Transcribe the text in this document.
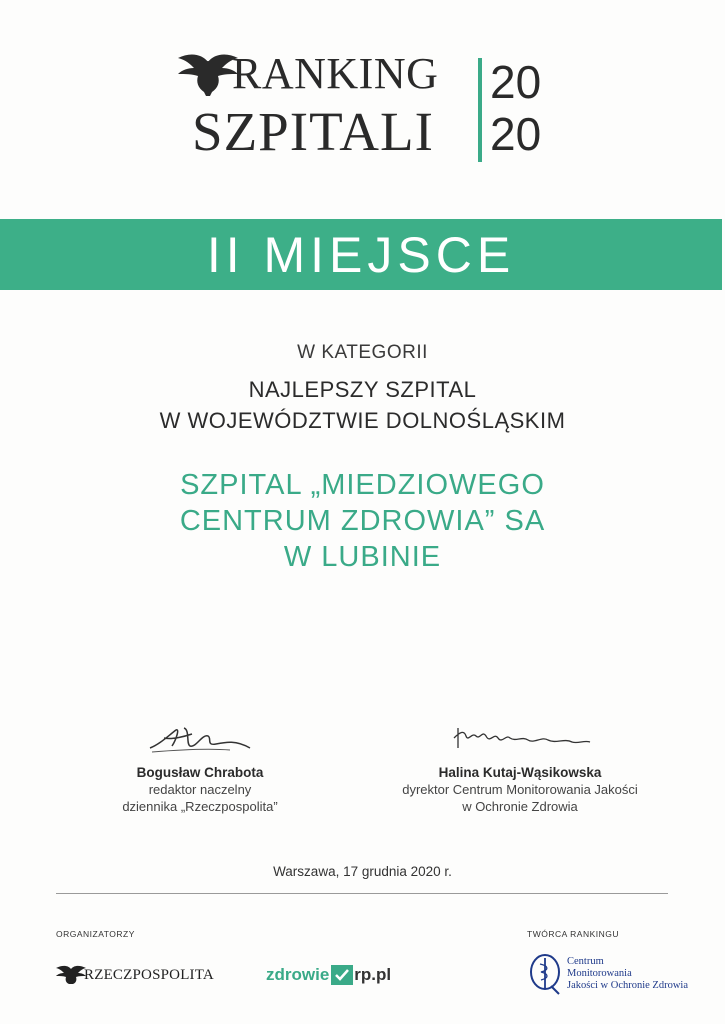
RANKING
SZPITALI
20
20
II MIEJSCE
W KATEGORII
NAJLEPSZY SZPITAL
W WOJEWÓDZTWIE DOLNOŚLĄSKIM
SZPITAL „MIEDZIOWEGO
CENTRUM ZDROWIA” SA
W LUBINIE
Bogusław Chrabota
redaktor naczelny
dziennika „Rzeczpospolita”
Halina Kutaj-Wąsikowska
dyrektor Centrum Monitorowania Jakości
w Ochronie Zdrowia
Warszawa, 17 grudnia 2020 r.
ORGANIZATORZY	TWÓRCA RANKINGU
RZECZPOSPOLITA	zdrowie rp.pl
Centrum
Monitorowania
Jakości w Ochronie Zdrowia
